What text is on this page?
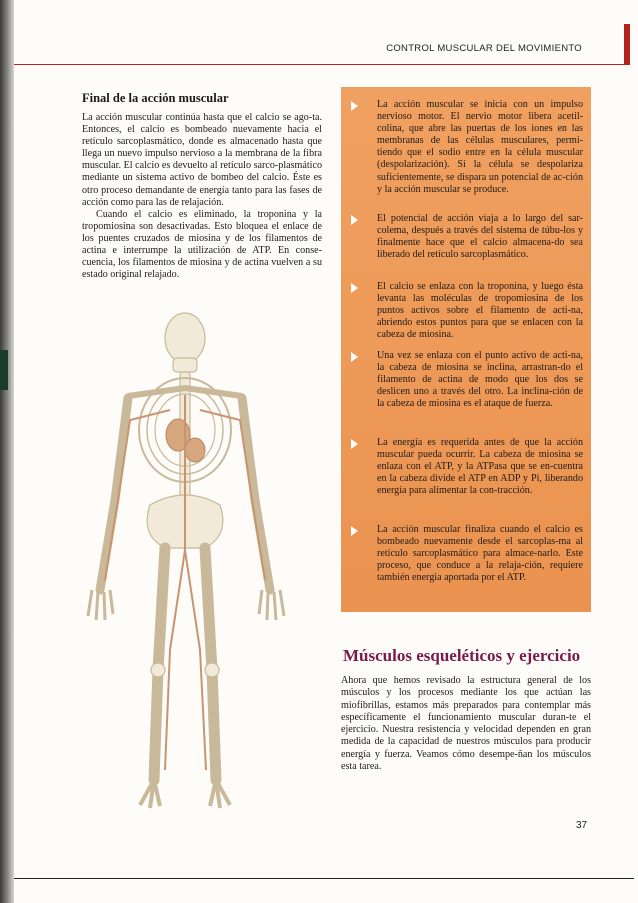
CONTROL MUSCULAR DEL MOVIMIENTO

Final de la acción muscular

La acción muscular continúa hasta que el calcio se ago-ta. Entonces, el calcio es bombeado nuevamente hacia el retículo sarcoplasmático, donde es almacenado hasta que llega un nuevo impulso nervioso a la membrana de la fibra muscular. El calcio es devuelto al retículo sarco-plasmático mediante un sistema activo de bombeo del calcio. Éste es otro proceso demandante de energía tanto para las fases de acción como para las de relajación.

Cuando el calcio es eliminado, la troponina y la tropomiosina son desactivadas. Esto bloquea el enlace de los puentes cruzados de miosina y de los filamentos de actina e interrumpe la utilización de ATP. En conse-cuencia, los filamentos de miosina y de actina vuelven a su estado original relajado.

La acción muscular se inicia con un impulso nervioso motor. El nervio motor libera acetil-colina, que abre las puertas de los iones en las membranas de las células musculares, permi-tiendo que el sodio entre en la célula muscular (despolarización). Si la célula se despolariza suficientemente, se dispara un potencial de ac-ción y la acción muscular se produce.
El potencial de acción viaja a lo largo del sar-colema, después a través del sistema de túbu-los y finalmente hace que el calcio almacena-do sea liberado del retículo sarcoplasmático.
El calcio se enlaza con la troponina, y luego ésta levanta las moléculas de tropomiosina de los puntos activos sobre el filamento de acti-na, abriendo estos puntos para que se enlacen con la cabeza de miosina.
Una vez se enlaza con el punto activo de acti-na, la cabeza de miosina se inclina, arrastran-do el filamento de actina de modo que los dos se deslicen uno a través del otro. La inclina-ción de la cabeza de miosina es el ataque de fuerza.
La energía es requerida antes de que la acción muscular pueda ocurrir. La cabeza de miosina se enlaza con el ATP, y la ATPasa que se en-cuentra en la cabeza divide el ATP en ADP y Pi, liberando energía para alimentar la con-tracción.
La acción muscular finaliza cuando el calcio es bombeado nuevamente desde el sarcoplas-ma al retículo sarcoplasmático para almace-narlo. Este proceso, que conduce a la relaja-ción, requiere también energía aportada por el ATP.
Músculos esqueléticos y ejercicio
Ahora que hemos revisado la estructura general de los músculos y los procesos mediante los que actúan las miofibrillas, estamos más preparados para contemplar más específicamente el funcionamiento muscular duran-te el ejercicio. Nuestra resistencia y velocidad dependen en gran medida de la capacidad de nuestros músculos para producir energía y fuerza. Veamos cómo desempe-ñan los músculos esta tarea.
37
